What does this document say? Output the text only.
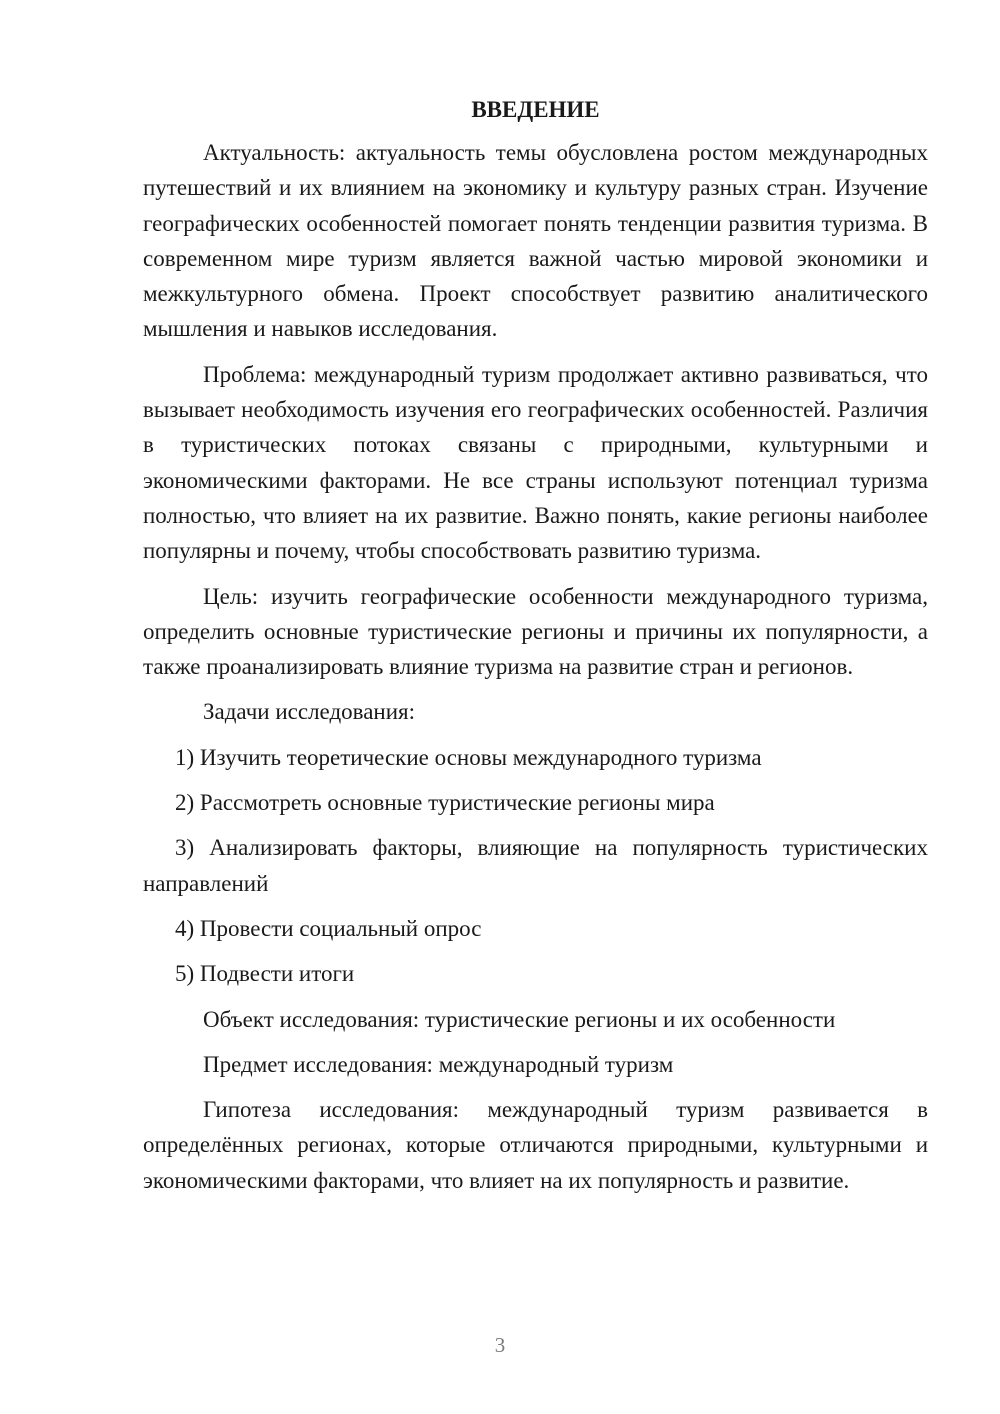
ВВЕДЕНИЕ

Актуальность: актуальность темы обусловлена ростом международных путешествий и их влиянием на экономику и культуру разных стран. Изучение географических особенностей помогает понять тенденции развития туризма. В современном мире туризм является важной частью мировой экономики и межкультурного обмена. Проект способствует развитию аналитического мышления и навыков исследования.

Проблема: международный туризм продолжает активно развиваться, что вызывает необходимость изучения его географических особенностей. Различия в туристических потоках связаны с природными, культурными и экономическими факторами. Не все страны используют потенциал туризма полностью, что влияет на их развитие. Важно понять, какие регионы наиболее популярны и почему, чтобы способствовать развитию туризма.

Цель: изучить географические особенности международного туризма, определить основные туристические регионы и причины их популярности, а также проанализировать влияние туризма на развитие стран и регионов.

Задачи исследования:

1) Изучить теоретические основы международного туризма

2) Рассмотреть основные туристические регионы мира

3) Анализировать факторы, влияющие на популярность туристических направлений

4) Провести социальный опрос

5) Подвести итоги

Объект исследования: туристические регионы и их особенности
Предмет исследования: международный туризм

Гипотеза исследования: международный туризм развивается в определённых регионах, которые отличаются природными, культурными и экономическими факторами, что влияет на их популярность и развитие.

3
